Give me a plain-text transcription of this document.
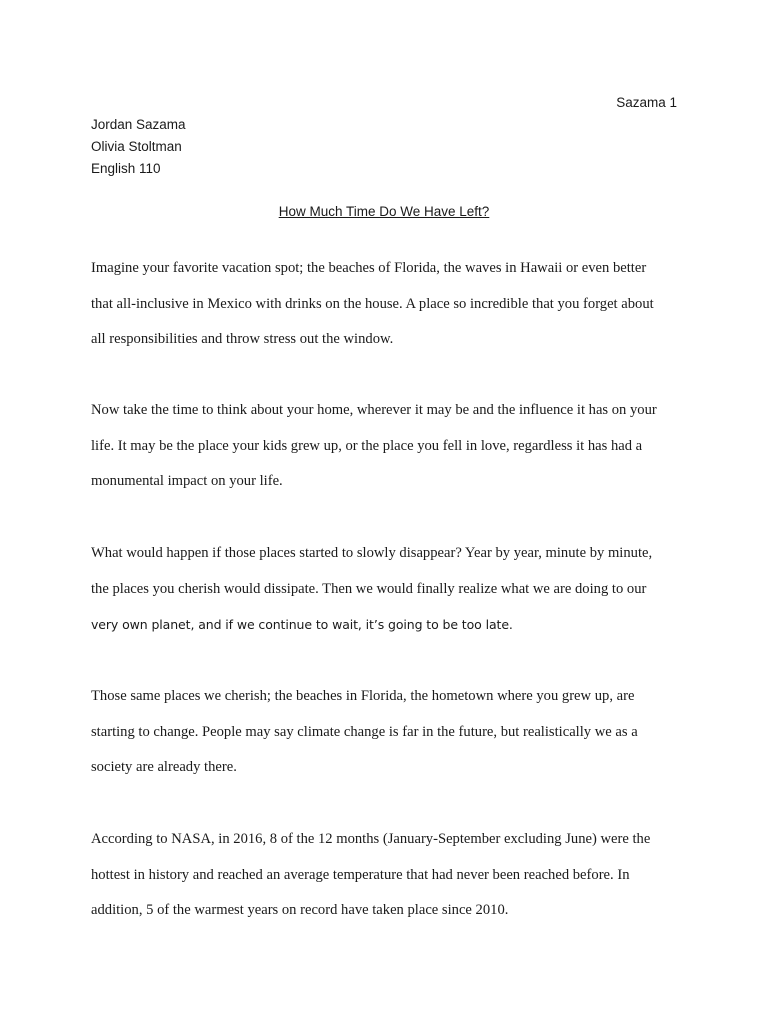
Sazama 1
Jordan Sazama
Olivia Stoltman
English 110
How Much Time Do We Have Left?
Imagine your favorite vacation spot; the beaches of Florida, the waves in Hawaii or even better
that all-inclusive in Mexico with drinks on the house. A place so incredible that you forget about
all responsibilities and throw stress out the window.
Now take the time to think about your home, wherever it may be and the influence it has on your
life. It may be the place your kids grew up, or the place you fell in love, regardless it has had a
monumental impact on your life.
What would happen if those places started to slowly disappear? Year by year, minute by minute,
the places you cherish would dissipate. Then we would finally realize what we are doing to our
very own planet, and if we continue to wait, it’s going to be too late.
Those same places we cherish; the beaches in Florida, the hometown where you grew up, are
starting to change. People may say climate change is far in the future, but realistically we as a
society are already there.
According to NASA, in 2016, 8 of the 12 months (January-September excluding June) were the
hottest in history and reached an average temperature that had never been reached before. In
addition, 5 of the warmest years on record have taken place since 2010.
